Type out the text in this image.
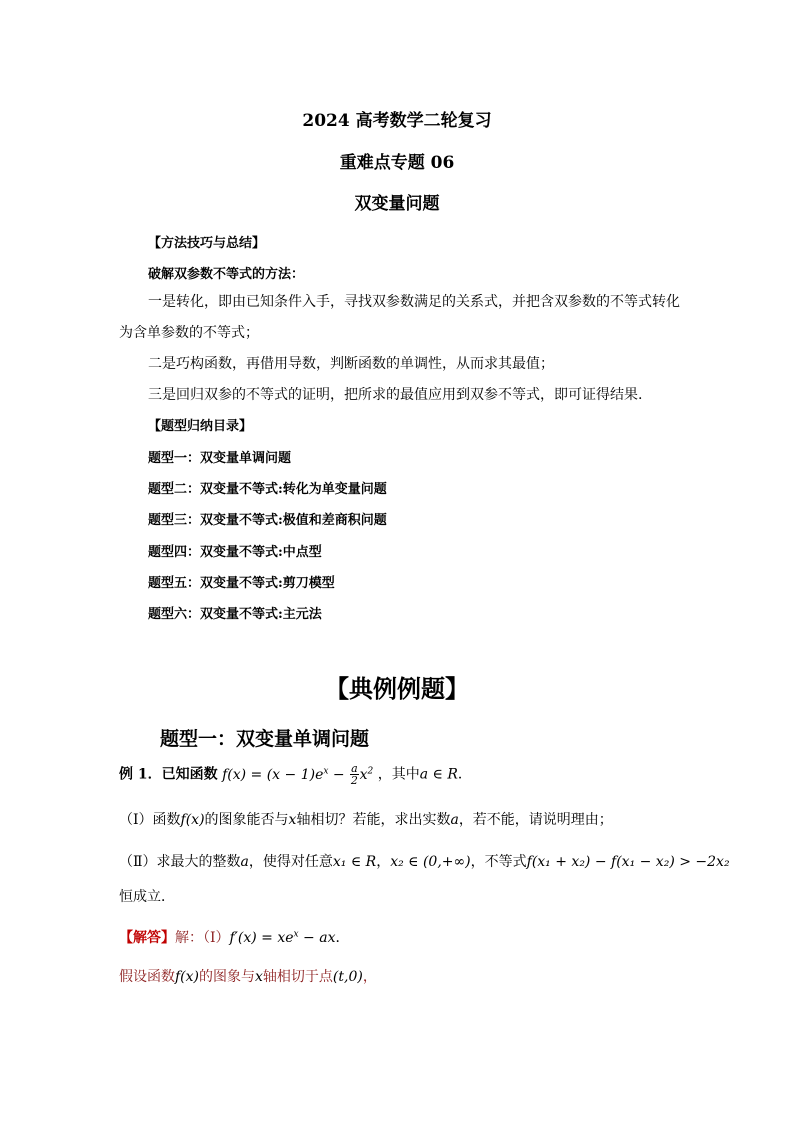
2024 高考数学二轮复习
重难点专题 06
双变量问题
【方法技巧与总结】
破解双参数不等式的方法：
一是转化，即由已知条件入手，寻找双参数满足的关系式，并把含双参数的不等式转化
为含单参数的不等式；
二是巧构函数，再借用导数，判断函数的单调性，从而求其最值；
三是回归双参的不等式的证明，把所求的最值应用到双参不等式，即可证得结果.
【题型归纳目录】
题型一：双变量单调问题
题型二：双变量不等式:转化为单变量问题
题型三：双变量不等式:极值和差商积问题
题型四：双变量不等式:中点型
题型五：双变量不等式:剪刀模型
题型六：双变量不等式:主元法
【典例例题】
题型一：双变量单调问题
例 1．已知函数 $f(x) = (x - 1)e^x - \frac{a}{2} x^2$ ，其中a ∈ R．
（Ⅰ）函数f(x)的图象能否与x轴相切？若能，求出实数a，若不能，请说明理由；
（Ⅱ）求最大的整数a，使得对任意x₁ ∈ R，x₂ ∈ (0,+∞)，不等式f(x₁ + x₂) − f(x₁ − x₂) > −2x₂
恒成立．
【解答】解：（Ⅰ）f′(x) = $xe^x$ − ax．
假设函数f(x)的图象与x轴相切于点(t,0)，
